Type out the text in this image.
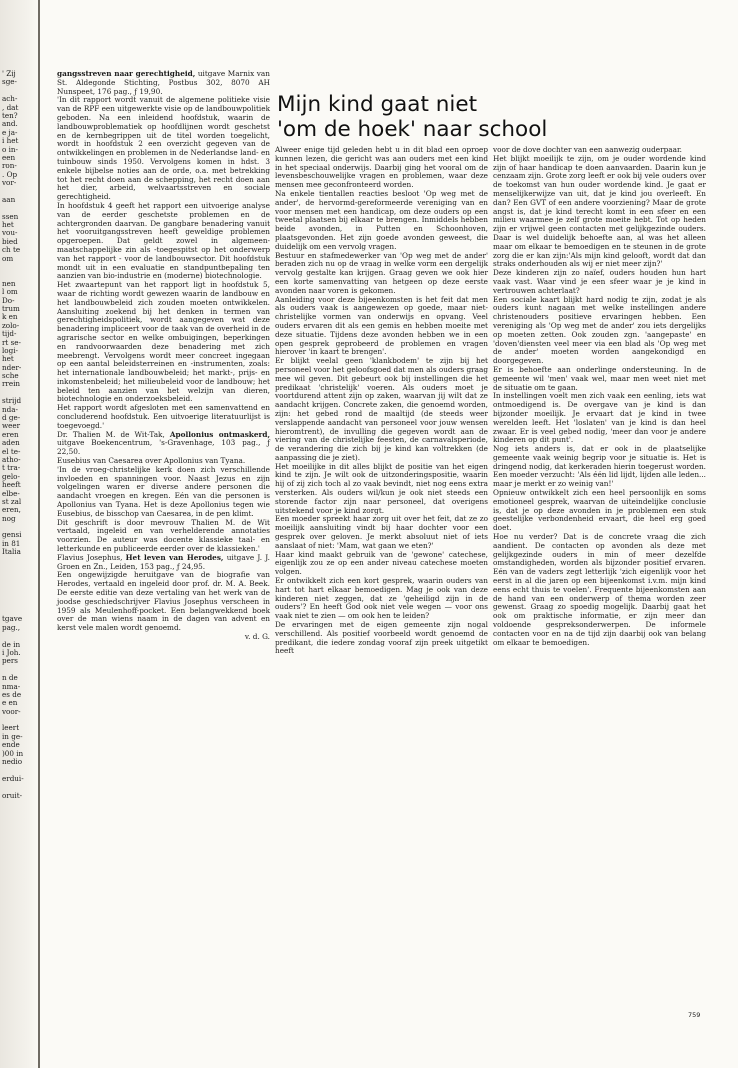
' Zij
sge-
ach-
, dat
ten?
and.
e ja-
i het
o in-
een
ron-
. Op
vor-
aan
ssen
het
vou-
bied
ch te
om
nen
l om
Do-
trum
k en
zolo-
tijd-
rt se-
logi-
het
nder-
sche
rrein
strijd
nda-
d ge-
weer
eren
aden
el te-
atho-
t tra-
gelo-
heeft
elbe-
st zal
eren,
nog
gensi
in 81
Italia
tgave
pag.,
de in
i Joh.
pers
n de
nma-
es de
e en
voor-
leert
in ge-
ende
)00 in
nedio
erdui-
oruit-

gangsstreven naar gerechtigheid, uitgave Marnix van St. Aldegonde Stichting, Postbus 302, 8070 AH Nunspeet, 176 pag., ƒ 19,90.

'In dit rapport wordt vanuit de algemene politieke visie van de RPF een uitgewerkte visie op de landbouwpolitiek geboden. Na een inleidend hoofdstuk, waarin de landbouwproblematiek op hoofdlijnen wordt geschetst en de kernbegrippen uit de titel worden toegelicht, wordt in hoofdstuk 2 een overzicht gegeven van de ontwikkelingen en problemen in de Nederlandse land- en tuinbouw sinds 1950. Vervolgens komen in hdst. 3 enkele bijbelse noties aan de orde, o.a. met betrekking tot het recht doen aan de schepping, het recht doen aan het dier, arbeid, welvaartsstreven en sociale gerechtigheid.

In hoofdstuk 4 geeft het rapport een uitvoerige analyse van de eerder geschetste problemen en de achtergronden daarvan. De gangbare benadering vanuit het vooruitgangsstreven heeft geweldige problemen opgeroepen. Dat geldt zowel in algemeen-maatschappelijke zin als -toegespitst op het onderwerp van het rapport - voor de landbouwsector. Dit hoofdstuk mondt uit in een evaluatie en standpuntbepaling ten aanzien van bio-industrie en (moderne) biotechnologie.

Het zwaartepunt van het rapport ligt in hoofdstuk 5, waar de richting wordt gewezen waarin de landbouw en het landbouwbeleid zich zouden moeten ontwikkelen. Aansluiting zoekend bij het denken in termen van gerechtigheidspolitiek, wordt aangegeven wat deze benadering impliceert voor de taak van de overheid in de agrarische sector en welke ombuigingen, beperkingen en randvoorwaarden deze benadering met zich meebrengt. Vervolgens wordt meer concreet ingegaan op een aantal beleidsterreinen en -instrumenten, zoals: het internationale landbouwbeleid; het markt-, prijs- en inkomstenbeleid; het milieubeleid voor de landbouw; het beleid ten aanzien van het welzijn van dieren, biotechnologie en onderzoeksbeleid.

Het rapport wordt afgesloten met een samenvattend en concluderend hoofdstuk. Een uitvoerige literatuurlijst is toegevoegd.'

Dr. Thalien M. de Wit-Tak, Apollonius ontmaskerd, uitgave Boekencentrum, 's-Gravenhage, 103 pag., ƒ 22,50.

Eusebius van Caesarea over Apollonius van Tyana.

'In de vroeg-christelijke kerk doen zich verschillende invloeden en spanningen voor. Naast Jezus en zijn volgelingen waren er diverse andere personen die aandacht vroegen en kregen. Eén van die personen is Apollonius van Tyana. Het is deze Apollonius tegen wie Eusebius, de bisschop van Caesarea, in de pen klimt.

Dit geschrift is door mevrouw Thalien M. de Wit vertaald, ingeleid en van verhelderende annotaties voorzien. De auteur was docente klassieke taal- en letterkunde en publiceerde eerder over de klassieken.'

Flavius Josephus, Het leven van Herodes, uitgave J. J. Groen en Zn., Leiden, 153 pag., ƒ 24,95.

Een ongewijzigde heruitgave van de biografie van Herodes, vertaald en ingeleid door prof. dr. M. A. Beek. De eerste editie van deze vertaling van het werk van de joodse geschiedschrijver Flavius Josephus verscheen in 1959 als Meulenhoff-pocket. Een belangwekkend boek over de man wiens naam in de dagen van advent en kerst vele malen wordt genoemd.

v. d. G.

Mijn kind gaat niet
'om de hoek' naar school

Alweer enige tijd geleden hebt u in dit blad een oproep kunnen lezen, die gericht was aan ouders met een kind in het speciaal onderwijs. Daarbij ging het vooral om de levensbeschouwelijke vragen en problemen, waar deze mensen mee geconfronteerd worden.

Na enkele tientallen reacties besloot 'Op weg met de ander', de hervormd-gereformeerde vereniging van en voor mensen met een handicap, om deze ouders op een tweetal plaatsen bij elkaar te brengen. Inmiddels hebben beide avonden, in Putten en Schoonhoven, plaatsgevonden. Het zijn goede avonden geweest, die duidelijk om een vervolg vragen.

Bestuur en stafmedewerker van 'Op weg met de ander' beraden zich nu op de vraag in welke vorm een dergelijk vervolg gestalte kan krijgen. Graag geven we ook hier een korte samenvatting van hetgeen op deze eerste avonden naar voren is gekomen.

Aanleiding voor deze bijeenkomsten is het feit dat men als ouders vaak is aangewezen op goede, maar niet-christelijke vormen van onderwijs en opvang. Veel ouders ervaren dit als een gemis en hebben moeite met deze situatie. Tijdens deze avonden hebben we in een open gesprek geprobeerd de problemen en vragen hierover 'in kaart te brengen'.

Er blijkt veelal geen 'klankbodem' te zijn bij het personeel voor het geloofsgoed dat men als ouders graag mee wil geven. Dit gebeurt ook bij instellingen die het predikaat 'christelijk' voeren. Als ouders moet je voortdurend attent zijn op zaken, waarvan jij wilt dat ze aandacht krijgen. Concrete zaken, die genoemd worden, zijn: het gebed rond de maaltijd (de steeds weer verslappende aandacht van personeel voor jouw wensen hieromtrent), de invulling die gegeven wordt aan de viering van de christelijke feesten, de carnavalsperiode, de verandering die zich bij je kind kan voltrekken (de aanpassing die je ziet).

Het moeilijke in dit alles blijkt de positie van het eigen kind te zijn. Je wilt ook de uitzonderingspositie, waarin hij of zij zich toch al zo vaak bevindt, niet nog eens extra versterken. Als ouders wil/kun je ook niet steeds een storende factor zijn naar personeel, dat overigens uitstekend voor je kind zorgt.

Een moeder spreekt haar zorg uit over het feit, dat ze zo moeilijk aansluiting vindt bij haar dochter voor een gesprek over geloven. Je merkt absoluut niet of iets aanslaat of niet: 'Mam, wat gaan we eten?'

Haar kind maakt gebruik van de 'gewone' catechese, eigenlijk zou ze op een ander niveau catechese moeten volgen.

Er ontwikkelt zich een kort gesprek, waarin ouders van hart tot hart elkaar bemoedigen. Mag je ook van deze kinderen niet zeggen, dat ze 'geheiligd zijn in de ouders'? En heeft God ook niet vele wegen — voor ons vaak niet te zien — om ook hen te leiden?

De ervaringen met de eigen gemeente zijn nogal verschillend. Als positief voorbeeld wordt genoemd de predikant, die iedere zondag vooraf zijn preek uitgetikt heeft

voor de dove dochter van een aanwezig ouderpaar.

Het blijkt moeilijk te zijn, om je ouder wordende kind zijn of haar handicap te doen aanvaarden. Daarin kun je cenzaam zijn. Grote zorg leeft er ook bij vele ouders over de toekomst van hun ouder wordende kind. Je gaat er menselijkerwijze van uit, dat je kind jou overleeft. En dan? Een GVT of een andere voorziening? Maar de grote angst is, dat je kind terecht komt in een sfeer en een milieu waarmee je zelf grote moeite hebt. Tot op heden zijn er vrijwel geen contacten met gelijkgezinde ouders. Daar is wel duidelijk behoefte aan, al was het alleen maar om elkaar te bemoedigen en te steunen in de grote zorg die er kan zijn:'Als mijn kind gelooft, wordt dat dan straks onderhouden als wij er niet meer zijn?'

Deze kinderen zijn zo naïef, ouders houden hun hart vaak vast. Waar vind je een sfeer waar je je kind in vertrouwen achterlaat?

Een sociale kaart blijkt hard nodig te zijn, zodat je als ouders kunt nagaan met welke instellingen andere christenouders positieve ervaringen hebben. Een vereniging als 'Op weg met de ander' zou iets dergelijks op moeten zetten. Ook zouden zgn. 'aangepaste' en 'doven'diensten veel meer via een blad als 'Op weg met de ander' moeten worden aangekondigd en doorgegeven.

Er is behoefte aan onderlinge ondersteuning. In de gemeente wil 'men' vaak wel, maar men weet niet met de situatie om te gaan.

In instellingen voelt men zich vaak een eenling, iets wat ontmoedigend is. De overgave van je kind is dan bijzonder moeilijk. Je ervaart dat je kind in twee werelden leeft. Het 'loslaten' van je kind is dan heel zwaar. Er is veel gebed nodig, 'meer dan voor je andere kinderen op dit punt'.

Nog iets anders is, dat er ook in de plaatselijke gemeente vaak weinig begrip voor je situatie is. Het is dringend nodig, dat kerkeraden hierin toegerust worden. Een moeder verzucht: 'Als één lid lijdt, lijden alle leden... maar je merkt er zo weinig van!'

Opnieuw ontwikkelt zich een heel persoonlijk en soms emotioneel gesprek, waarvan de uiteindelijke conclusie is, dat je op deze avonden in je problemen een stuk geestelijke verbondenheid ervaart, die heel erg goed doet.

Hoe nu verder? Dat is de concrete vraag die zich aandient. De contacten op avonden als deze met gelijkgezinde ouders in min of meer dezelfde omstandigheden, worden als bijzonder positief ervaren. Eén van de vaders zegt letterlijk 'zich eigenlijk voor het eerst in al die jaren op een bijeenkomst i.v.m. mijn kind eens echt thuis te voelen'. Frequente bijeenkomsten aan de hand van een onderwerp of thema worden zeer gewenst. Graag zo spoedig mogelijk. Daarbij gaat het ook om praktische informatie, er zijn meer dan voldoende gespreksonderwerpen. De informele contacten voor en na de tijd zijn daarbij ook van belang om elkaar te bemoedigen.

759
